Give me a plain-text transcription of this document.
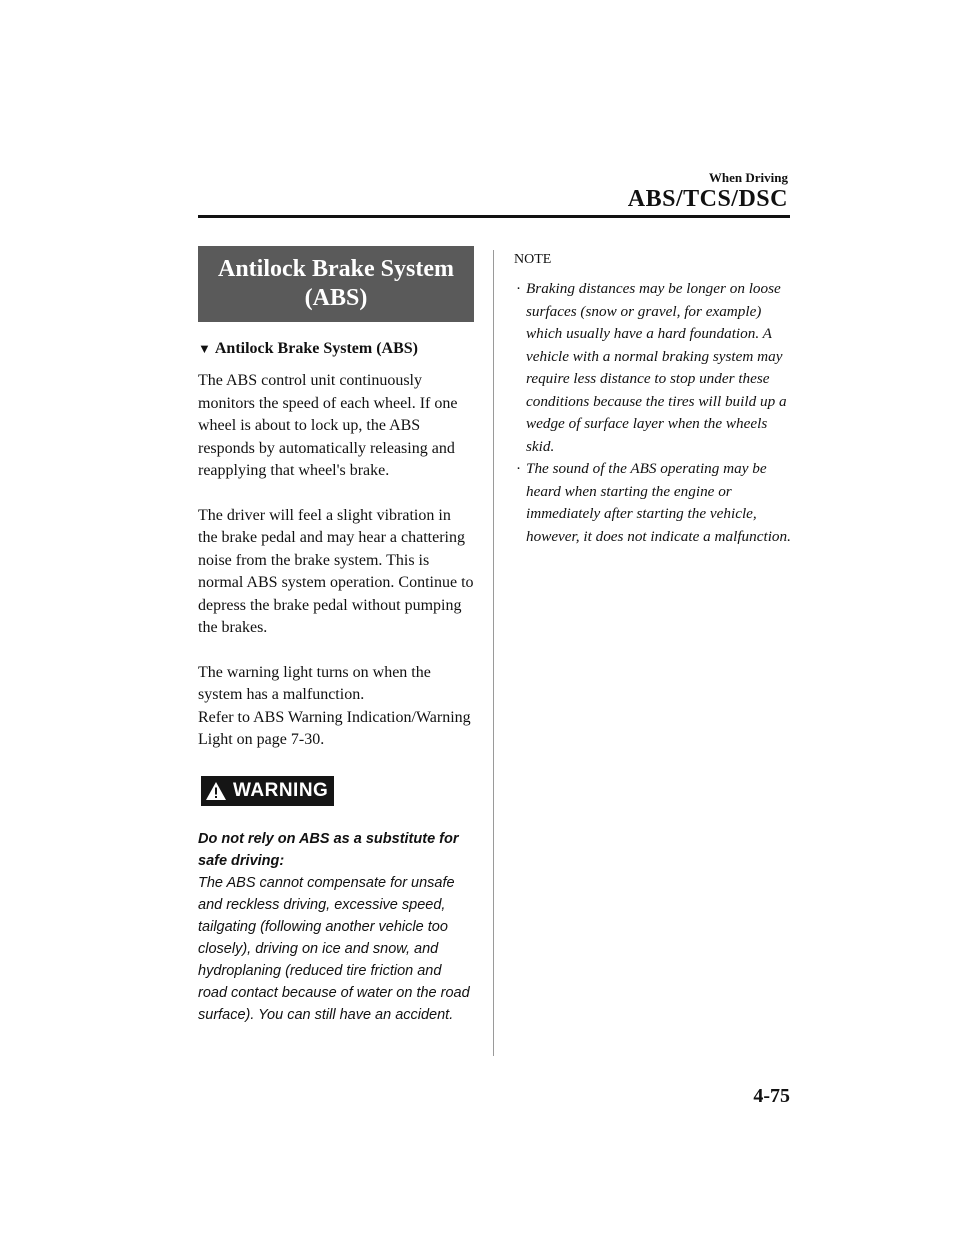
When Driving
ABS/TCS/DSC
Antilock Brake System
(ABS)
▼ Antilock Brake System (ABS)
The ABS control unit continuously monitors the speed of each wheel. If one wheel is about to lock up, the ABS responds by automatically releasing and reapplying that wheel's brake.
The driver will feel a slight vibration in the brake pedal and may hear a chattering noise from the brake system. This is normal ABS system operation. Continue to depress the brake pedal without pumping the brakes.
The warning light turns on when the system has a malfunction.
Refer to ABS Warning Indication/Warning Light on page 7-30.
WARNING
Do not rely on ABS as a substitute for safe driving:
The ABS cannot compensate for unsafe and reckless driving, excessive speed, tailgating (following another vehicle too closely), driving on ice and snow, and hydroplaning (reduced tire friction and road contact because of water on the road surface). You can still have an accident.
NOTE
· Braking distances may be longer on loose surfaces (snow or gravel, for example) which usually have a hard foundation. A vehicle with a normal braking system may require less distance to stop under these conditions because the tires will build up a wedge of surface layer when the wheels skid.
· The sound of the ABS operating may be heard when starting the engine or immediately after starting the vehicle, however, it does not indicate a malfunction.
4-75
